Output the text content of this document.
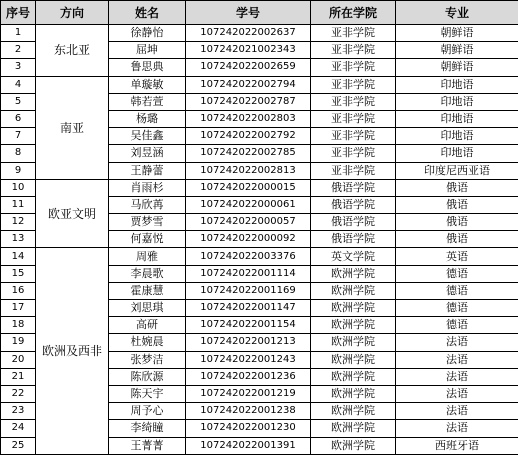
序号	方向	姓名	学号	所在学院	专业
1	东北亚	徐静怡	107242022002637	亚非学院	朝鲜语
2		屈坤	107242021002343	亚非学院	朝鲜语
3		鲁思典	107242022002659	亚非学院	朝鲜语
4	南亚	单璇敏	107242022002794	亚非学院	印地语
5		韩若萱	107242022002787	亚非学院	印地语
6		杨璐	107242022002803	亚非学院	印地语
7		吴佳鑫	107242022002792	亚非学院	印地语
8		刘昱涵	107242022002785	亚非学院	印地语
9		王静蕾	107242022002813	亚非学院	印度尼西亚语
10	欧亚文明	肖雨杉	107242022000015	俄语学院	俄语
11		马欣苒	107242022000061	俄语学院	俄语
12		贾梦雪	107242022000057	俄语学院	俄语
13		何嘉悦	107242022000092	俄语学院	俄语
14	欧洲及西非	周雅	107242022003376	英文学院	英语
15		李晨歌	107242022001114	欧洲学院	德语
16		霍康慧	107242022001169	欧洲学院	德语
17		刘思琪	107242022001147	欧洲学院	德语
18		高研	107242022001154	欧洲学院	德语
19		杜婉晨	107242022001213	欧洲学院	法语
20		张梦洁	107242022001243	欧洲学院	法语
21		陈欣源	107242022001236	欧洲学院	法语
22		陈天宇	107242022001219	欧洲学院	法语
23		周予心	107242022001238	欧洲学院	法语
24		李绮瞳	107242022001230	欧洲学院	法语
25		王菁菁	107242022001391	欧洲学院	西班牙语
